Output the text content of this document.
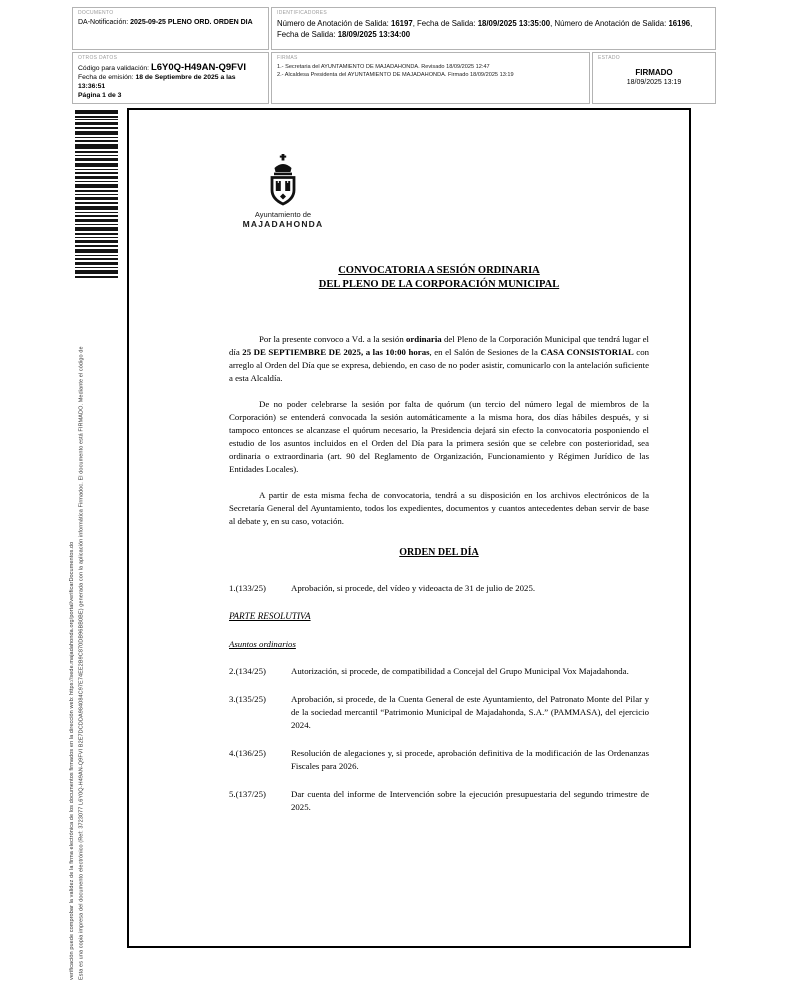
DOCUMENTO
DA-Notificación: 2025-09-25 PLENO ORD. ORDEN DIA
IDENTIFICADORES
Número de Anotación de Salida: 16197, Fecha de Salida: 18/09/2025 13:35:00, Número de Anotación de Salida: 16196, Fecha de Salida: 18/09/2025 13:34:00
OTROS DATOS
Código para validación: L6Y0Q-H49AN-Q9FVI
Fecha de emisión: 18 de Septiembre de 2025 a las 13:36:51
Página 1 de 3
FIRMAS
1.- Secretaria del AYUNTAMIENTO DE MAJADAHONDA. Revisado 18/09/2025 12:47
2.- Alcaldesa Presidenta del AYUNTAMIENTO DE MAJADAHONDA. Firmado 18/09/2025 13:19
ESTADO
FIRMADO
18/09/2025 13:19
Esta es una copia impresa del documento electrónico (Ref: 3723077 L6Y0Q-H49AN-Q9FVI B2E7DCDDA984084C97E74EE2B9C870DB96BB0BE) generada con la aplicación informática Firmadoc. El documento está FIRMADO. Mediante el código de
verificación puede comprobar la validez de la firma electrónica de los documentos firmados en la dirección web: https://sede.majadahonda.org/portal/verificarDocumentos.do
Ayuntamiento de
MAJADAHONDA
CONVOCATORIA A SESIÓN ORDINARIA
DEL PLENO DE LA CORPORACIÓN MUNICIPAL

Por la presente convoco a Vd. a la sesión ordinaria del Pleno de la Corporación Municipal que tendrá lugar el día 25 DE SEPTIEMBRE DE 2025, a las 10:00 horas, en el Salón de Sesiones de la CASA CONSISTORIAL con arreglo al Orden del Día que se expresa, debiendo, en caso de no poder asistir, comunicarlo con la antelación suficiente a esta Alcaldía.

De no poder celebrarse la sesión por falta de quórum (un tercio del número legal de miembros de la Corporación) se entenderá convocada la sesión automáticamente a la misma hora, dos días hábiles después, y si tampoco entonces se alcanzase el quórum necesario, la Presidencia dejará sin efecto la convocatoria posponiendo el estudio de los asuntos incluidos en el Orden del Día para la primera sesión que se celebre con posterioridad, sea ordinaria o extraordinaria (art. 90 del Reglamento de Organización, Funcionamiento y Régimen Jurídico de las Entidades Locales).

A partir de esta misma fecha de convocatoria, tendrá a su disposición en los archivos electrónicos de la Secretaría General del Ayuntamiento, todos los expedientes, documentos y cuantos antecedentes deban servir de base al debate y, en su caso, votación.

ORDEN DEL DÍA
1.(133/25)	Aprobación, si procede, del vídeo y videoacta de 31 de julio de 2025.
PARTE RESOLUTIVA
Asuntos ordinarios
2.(134/25)	Autorización, si procede, de compatibilidad a Concejal del Grupo Municipal Vox Majadahonda.
3.(135/25)	Aprobación, si procede, de la Cuenta General de este Ayuntamiento, del Patronato Monte del Pilar y de la sociedad mercantil “Patrimonio Municipal de Majadahonda, S.A.” (PAMMASA), del ejercicio 2024.
4.(136/25)	Resolución de alegaciones y, si procede, aprobación definitiva de la modificación de las Ordenanzas Fiscales para 2026.
5.(137/25)	Dar cuenta del informe de Intervención sobre la ejecución presupuestaria del segundo trimestre de 2025.
